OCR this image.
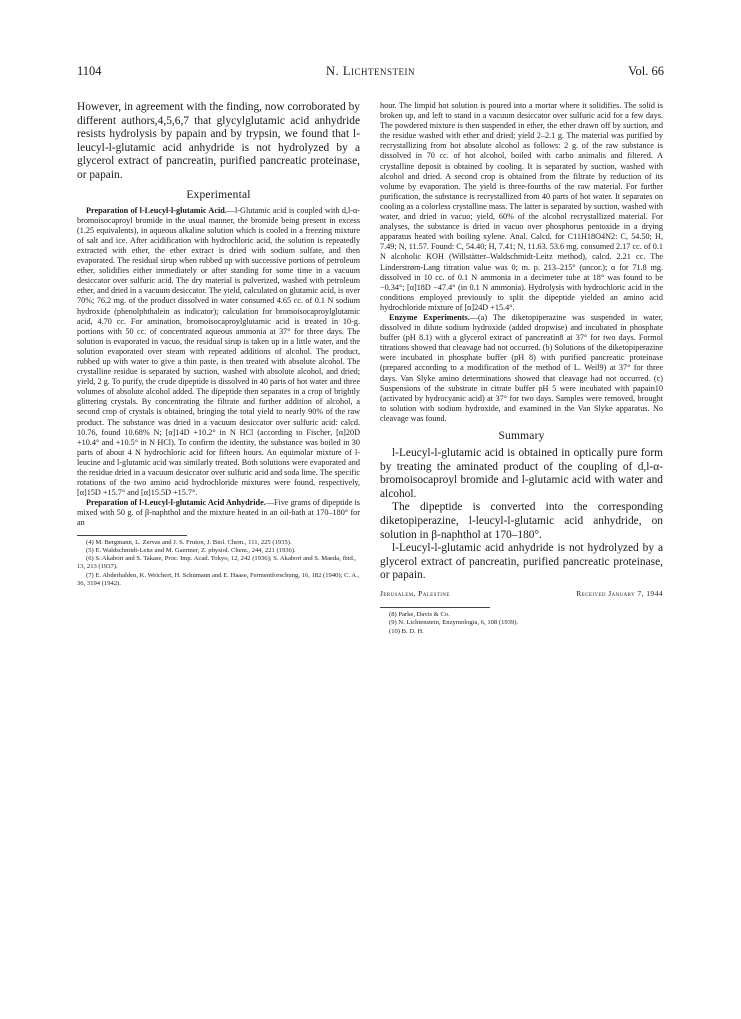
1104	N. Lichtenstein	Vol. 66

However, in agreement with the finding, now corroborated by different authors,4,5,6,7 that glycylglutamic acid anhydride resists hydrolysis by papain and by trypsin, we found that l-leucyl-l-glutamic acid anhydride is not hydrolyzed by a glycerol extract of pancreatin, purified pancreatic proteinase, or papain.

Experimental

Preparation of l-Leucyl-l-glutamic Acid.—l-Glutamic acid is coupled with d,l-α-bromoisocaproyl bromide in the usual manner, the bromide being present in excess (1.25 equivalents), in aqueous alkaline solution which is cooled in a freezing mixture of salt and ice. After acidification with hydrochloric acid, the solution is repeatedly extracted with ether, the ether extract is dried with sodium sulfate, and then evaporated. The residual sirup when rubbed up with successive portions of petroleum ether, solidifies either immediately or after standing for some time in a vacuum desiccator over sulfuric acid. The dry material is pulverized, washed with petroleum ether, and dried in a vacuum desiccator. The yield, calculated on glutamic acid, is over 70%; 76.2 mg. of the product dissolved in water consumed 4.65 cc. of 0.1 N sodium hydroxide (phenolphthalein as indicator); calculation for bromoisocaproylglutamic acid, 4.70 cc. For amination, bromoisocaproylglutamic acid is treated in 10-g. portions with 50 cc. of concentrated aqueous ammonia at 37° for three days. The solution is evaporated in vacuo, the residual sirup is taken up in a little water, and the solution evaporated over steam with repeated additions of alcohol. The product, rubbed up with water to give a thin paste, is then treated with absolute alcohol. The crystalline residue is separated by suction, washed with absolute alcohol, and dried; yield, 2 g. To purify, the crude dipeptide is dissolved in 40 parts of hot water and three volumes of absolute alcohol added. The dipeptide then separates in a crop of brightly glittering crystals. By concentrating the filtrate and further addition of alcohol, a second crop of crystals is obtained, bringing the total yield to nearly 90% of the raw product. The substance was dried in a vacuum desiccator over sulfuric acid: calcd. 10.76, found 10.68% N; [α]14D +10.2° in N HCl (according to Fischer, [α]20D +10.4° and +10.5° in N HCl). To confirm the identity, the substance was boiled in 30 parts of about 4 N hydrochloric acid for fifteen hours. An equimolar mixture of l-leucine and l-glutamic acid was similarly treated. Both solutions were evaporated and the residue dried in a vacuum desiccator over sulfuric acid and soda lime. The specific rotations of the two amino acid hydrochloride mixtures were found, respectively, [α]15D +15.7° and [α]15.5D +15.7°.

Preparation of l-Leucyl-l-glutamic Acid Anhydride.—Five grams of dipeptide is mixed with 50 g. of β-naphthol and the mixture heated in an oil-bath at 170–180° for an

(4) M. Bergmann, L. Zervas and J. S. Fruton, J. Biol. Chem., 111, 225 (1935).

(5) E. Waldschmidt-Leitz and M. Gaertner, Z. physiol. Chem., 244, 221 (1936).

(6) S. Akabori and S. Takase, Proc. Imp. Acad. Tokyo, 12, 242 (1936); S. Akabori and S. Maeda, ibid., 13, 213 (1937).

(7) E. Abderhalden, K. Weichert, H. Schumann and E. Haase, Fermentforschung, 16, 182 (1940); C. A., 36, 3194 (1942).

hour. The limpid hot solution is poured into a mortar where it solidifies. The solid is broken up, and left to stand in a vacuum desiccator over sulfuric acid for a few days. The powdered mixture is then suspended in ether, the ether drawn off by suction, and the residue washed with ether and dried; yield 2–2.1 g. The material was purified by recrystallizing from hot absolute alcohol as follows: 2 g. of the raw substance is dissolved in 70 cc. of hot alcohol, boiled with carbo animalis and filtered. A crystalline deposit is obtained by cooling. It is separated by suction, washed with alcohol and dried. A second crop is obtained from the filtrate by reduction of its volume by evaporation. The yield is three-fourths of the raw material. For further purification, the substance is recrystallized from 40 parts of hot water. It separates on cooling as a colorless crystalline mass. The latter is separated by suction, washed with water, and dried in vacuo; yield, 60% of the alcohol recrystallized material. For analyses, the substance is dried in vacuo over phosphorus pentoxide in a drying apparatus heated with boiling xylene. Anal. Calcd. for C11H18O4N2: C, 54.50; H, 7.49; N, 11.57. Found: C, 54.40; H, 7.41; N, 11.63. 53.6 mg. consumed 2.17 cc. of 0.1 N alcoholic KOH (Willstätter–Waldschmidt-Leitz method), calcd. 2.21 cc. The Linderstrøm-Lang titration value was 0; m. p. 213–215° (uncor.); α for 71.8 mg. dissolved in 10 cc. of 0.1 N ammonia in a decimeter tube at 18° was found to be −0.34°; [α]18D −47.4° (in 0.1 N ammonia). Hydrolysis with hydrochloric acid in the conditions employed previously to split the dipeptide yielded an amino acid hydrochloride mixture of [α]24D +15.4°.

Enzyme Experiments.—(a) The diketopiperazine was suspended in water, dissolved in dilute sodium hydroxide (added dropwise) and incubated in phosphate buffer (pH 8.1) with a glycerol extract of pancreatin8 at 37° for two days. Formol titrations showed that cleavage had not occurred. (b) Solutions of the diketopiperazine were incubated in phosphate buffer (pH 8) with purified pancreatic proteinase (prepared according to a modification of the method of L. Weil9) at 37° for three days. Van Slyke amino determinations showed that cleavage had not occurred. (c) Suspensions of the substrate in citrate buffer pH 5 were incubated with papain10 (activated by hydrocyanic acid) at 37° for two days. Samples were removed, brought to solution with sodium hydroxide, and examined in the Van Slyke apparatus. No cleavage was found.

Summary

l-Leucyl-l-glutamic acid is obtained in optically pure form by treating the aminated product of the coupling of d,l-α-bromoisocaproyl bromide and l-glutamic acid with water and alcohol.

The dipeptide is converted into the corresponding diketopiperazine, l-leucyl-l-glutamic acid anhydride, on solution in β-naphthol at 170–180°.

l-Leucyl-l-glutamic acid anhydride is not hydrolyzed by a glycerol extract of pancreatin, purified pancreatic proteinase, or papain.

Jerusalem, Palestine	Received January 7, 1944

(8) Parke, Davis & Co.

(9) N. Lichtenstein, Enzymologia, 6, 108 (1939).

(10) B. D. H.
